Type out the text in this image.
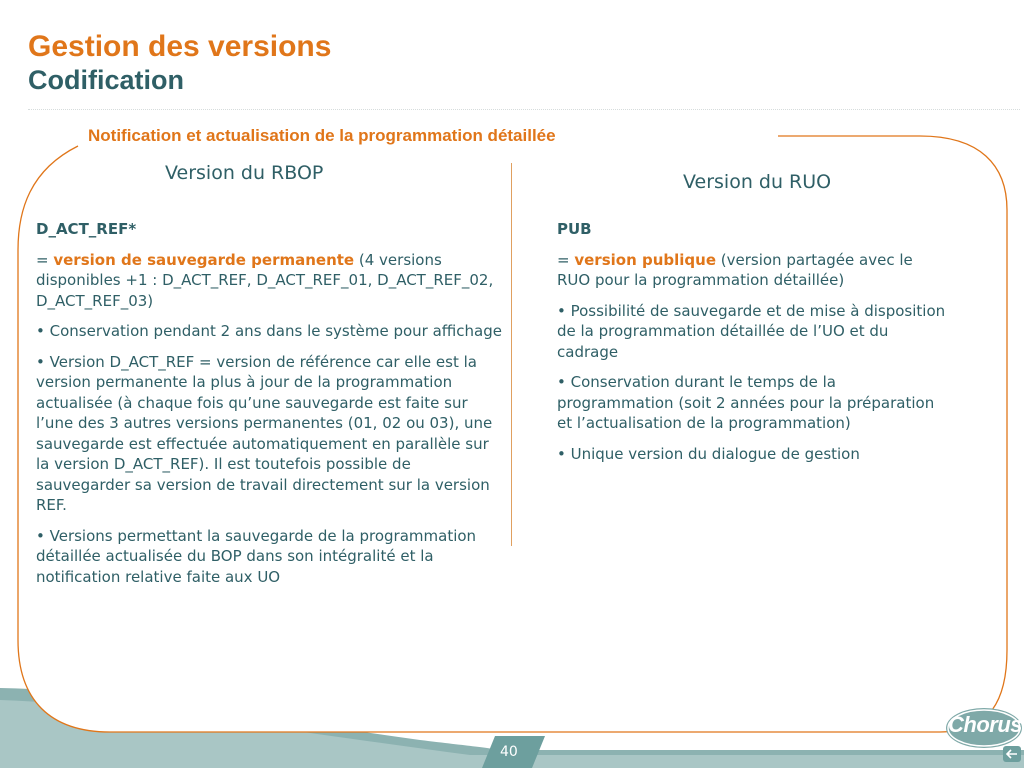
Gestion des versions
Codification
Notification et actualisation de la programmation détaillée
Version du RBOP	Version du RUO
D_ACT_REF*

= version de sauvegarde permanente (4 versions disponibles +1 : D_ACT_REF, D_ACT_REF_01, D_ACT_REF_02, D_ACT_REF_03)

• Conservation pendant 2 ans dans le système pour affichage

• Version D_ACT_REF = version de référence car elle est la version permanente la plus à jour de la programmation actualisée (à chaque fois qu’une sauvegarde est faite sur l’une des 3 autres versions permanentes (01, 02 ou 03), une sauvegarde est effectuée automatiquement en parallèle sur la version D_ACT_REF). Il est toutefois possible de sauvegarder sa version de travail directement sur la version REF.

• Versions permettant la sauvegarde de la programmation détaillée actualisée du BOP dans son intégralité et la notification relative faite aux UO

PUB

= version publique (version partagée avec le RUO pour la programmation détaillée)

• Possibilité de sauvegarde et de mise à disposition de la programmation détaillée de l’UO et du cadrage

• Conservation durant le temps de la programmation (soit 2 années pour la préparation et l’actualisation de la programmation)

• Unique version du dialogue de gestion

40
Chorus
